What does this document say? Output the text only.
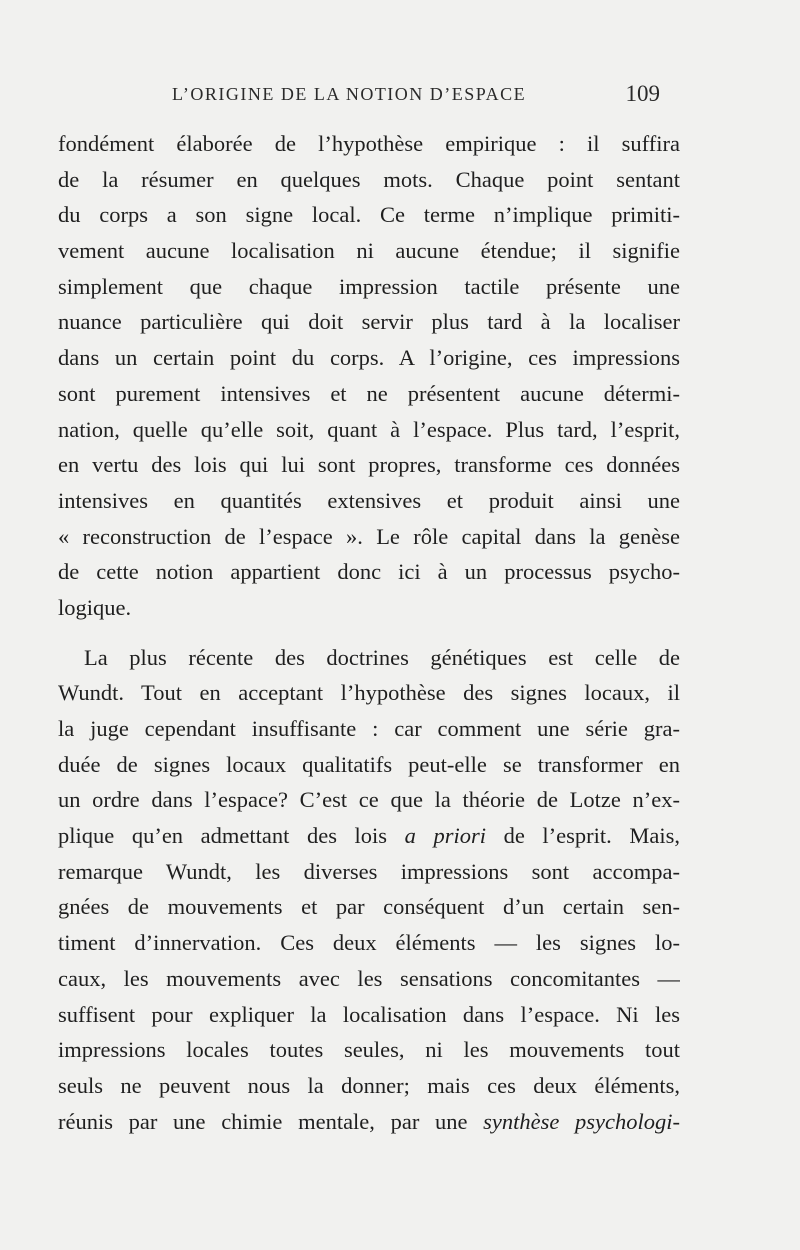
L’ORIGINE DE LA NOTION D’ESPACE	109
fondément élaborée de l’hypothèse empirique : il suffira
de la résumer en quelques mots. Chaque point sentant
du corps a son signe local. Ce terme n’implique primiti-
vement aucune localisation ni aucune étendue; il signifie
simplement que chaque impression tactile présente une
nuance particulière qui doit servir plus tard à la localiser
dans un certain point du corps. A l’origine, ces impressions
sont purement intensives et ne présentent aucune détermi-
nation, quelle qu’elle soit, quant à l’espace. Plus tard, l’esprit,
en vertu des lois qui lui sont propres, transforme ces données
intensives en quantités extensives et produit ainsi une
« reconstruction de l’espace ». Le rôle capital dans la genèse
de cette notion appartient donc ici à un processus psycho-
logique.
La plus récente des doctrines génétiques est celle de
Wundt. Tout en acceptant l’hypothèse des signes locaux, il
la juge cependant insuffisante : car comment une série gra-
duée de signes locaux qualitatifs peut-elle se transformer en
un ordre dans l’espace? C’est ce que la théorie de Lotze n’ex-
plique qu’en admettant des lois a priori de l’esprit. Mais,
remarque Wundt, les diverses impressions sont accompa-
gnées de mouvements et par conséquent d’un certain sen-
timent d’innervation. Ces deux éléments — les signes lo-
caux, les mouvements avec les sensations concomitantes —
suffisent pour expliquer la localisation dans l’espace. Ni les
impressions locales toutes seules, ni les mouvements tout
seuls ne peuvent nous la donner; mais ces deux éléments,
réunis par une chimie mentale, par une synthèse psychologi-
